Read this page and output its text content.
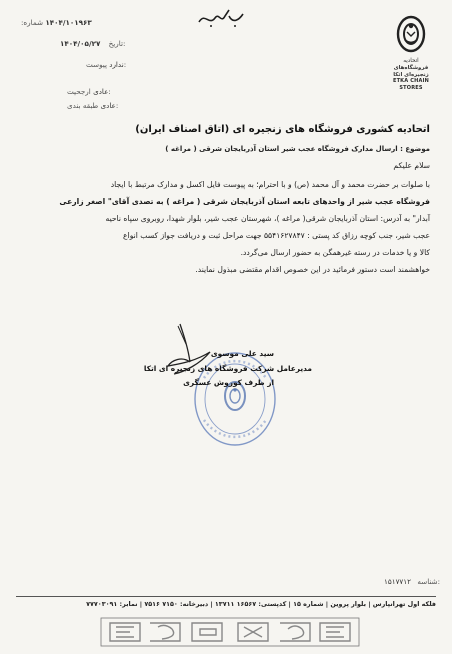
۱۴۰۴/۱۰۱۹۶۳ شماره:
۱۴۰۴/۰۵/۲۷ تاریخ:
ندارد پیوست:
عادی ارجحیت:
عادی طبقه بندی:
اتحادیه
فروشگاه‌های زنجیره‌ای اتکا
ETKA CHAIN STORES
اتحادیه کشوری فروشگاه های زنجیره ای (اتاق اصناف ایران)
موضوع : ارسال مدارک فروشگاه عجب شیر استان آذربایجان شرقی ( مراغه )
سلام علیکم
با صلوات بر حضرت محمد و آل محمد (ص) و با احترام؛ به پیوست فایل اکسل و مدارک مرتبط با ایجاد
فروشگاه عجب شیر از واحدهای تابعه استان آذربایجان شرقی ( مراغه ) به تصدی آقای" اصغر زارعی
آبدار" به آدرس: استان آذربایجان شرقی( مراغه )، شهرستان عجب شیر، بلوار شهدا، روبروی سپاه ناحیه
عجب شیر، جنب کوچه رزاق کد پستی : ۵۵۴۱۶۲۷۸۴۷ جهت مراحل ثبت و دریافت جواز کسب انواع
کالا و یا خدمات در رسته غیرهمگن به حضور ارسال می‌گردد.
خواهشمند است دستور فرمائید در این خصوص اقدام مقتضی مبذول نمایند.
سید علی موسوی
مدیرعامل شرکت فروشگاه های زنجیره ای اتکا
از طرف کوروش عسگری
۱۵۱۷۷۱۲ شناسه:
فلکه اول تهرانپارس | بلوار پروین | شماره ۱۵ | کدپستی: ۱۶۵۶۷ ۱۳۷۱۱ | دبیرخانه: ۷۱۵۰ ۷۵۱۶ | نمابر: ۷۷۷۰۳۰۹۱
